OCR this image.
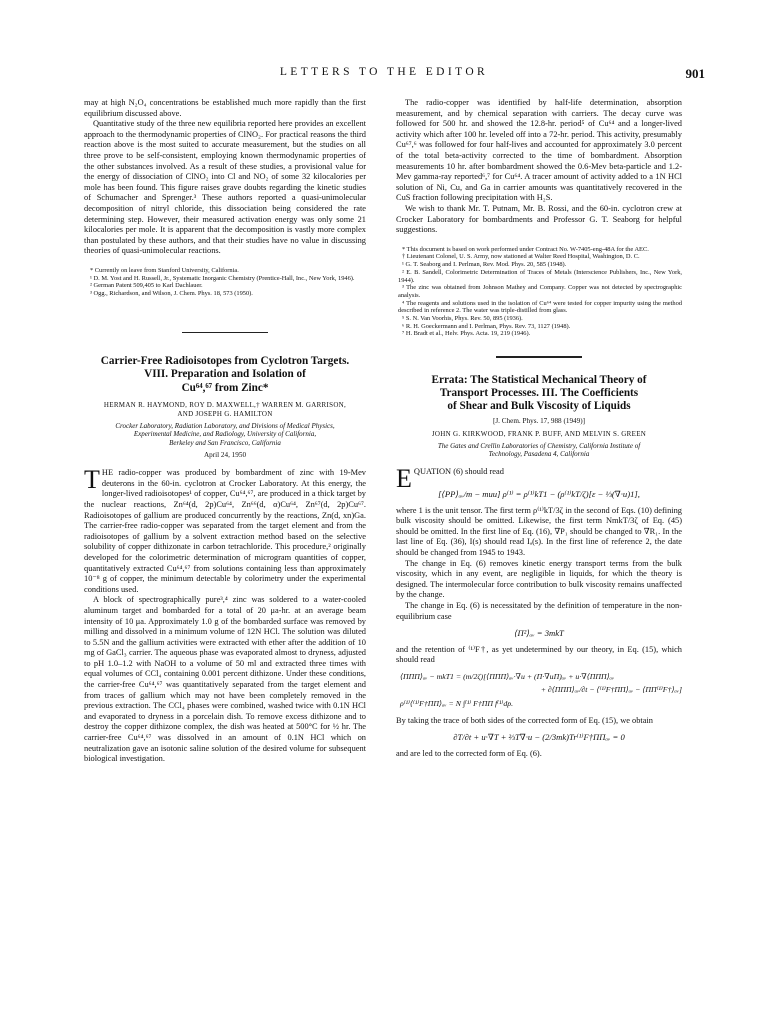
LETTERS TO THE EDITOR	901

may at high N₂O₄ concentrations be established much more rapidly than the first equilibrium discussed above.

Quantitative study of the three new equilibria reported here provides an excellent approach to the thermodynamic properties of ClNO₂. For practical reasons the third reaction above is the most suited to accurate measurement, but the studies on all three prove to be self-consistent, employing known thermodynamic properties of the other substances involved. As a result of these studies, a provisional value for the energy of dissociation of ClNO₂ into Cl and NO₂ of some 32 kilocalories per mole has been found. This figure raises grave doubts regarding the kinetic studies of Schumacher and Sprenger.³ These authors reported a quasi-unimolecular decomposition of nitryl chloride, this dissociation being considered the rate determining step. However, their measured activation energy was only some 21 kilocalories per mole. It is apparent that the decomposition is vastly more complex than postulated by these authors, and that their studies have no value in discussing theories of quasi-unimolecular reactions.

* Currently on leave from Stanford University, California.

¹ D. M. Yost and H. Russell, Jr., Systematic Inorganic Chemistry (Prentice-Hall, Inc., New York, 1946).

² German Patent 509,405 to Karl Dachlauer.

³ Ogg., Richardson, and Wilson, J. Chem. Phys. 18, 573 (1950).

Carrier-Free Radioisotopes from Cyclotron Targets.
VIII. Preparation and Isolation of
Cu⁶⁴,⁶⁷ from Zinc*
HERMAN R. HAYMOND, ROY D. MAXWELL,† WARREN M. GARRISON,
AND JOSEPH G. HAMILTON
Crocker Laboratory, Radiation Laboratory, and Divisions of Medical Physics,
Experimental Medicine, and Radiology, University of California,
Berkeley and San Francisco, California
April 24, 1950

THE radio-copper was produced by bombardment of zinc with 19-Mev deuterons in the 60-in. cyclotron at Crocker Laboratory. At this energy, the longer-lived radioisotopes¹ of copper, Cu⁶⁴,⁶⁷, are produced in a thick target by the nuclear reactions, Zn⁶⁴(d, 2p)Cu⁶⁴, Zn⁶⁶(d, α)Cu⁶⁴, Zn⁶⁷(d, 2p)Cu⁶⁷. Radioisotopes of gallium are produced concurrently by the reactions, Zn(d, xn)Ga. The carrier-free radio-copper was separated from the target element and from the radioisotopes of gallium by a solvent extraction method based on the selective solubility of copper dithizonate in carbon tetrachloride. This procedure,² originally developed for the colorimetric determination of microgram quantities of copper, quantitatively extracted Cu⁶⁴,⁶⁷ from solutions containing less than approximately 10⁻⁸ g of copper, the minimum detectable by colorimetry under the experimental conditions used.

A block of spectrographically pure³,⁴ zinc was soldered to a water-cooled aluminum target and bombarded for a total of 20 μa-hr. at an average beam intensity of 10 μa. Approximately 1.0 g of the bombarded surface was removed by milling and dissolved in a minimum volume of 12N HCl. The solution was diluted to 5.5N and the gallium activities were extracted with ether after the addition of 10 mg of GaCl₃ carrier. The aqueous phase was evaporated almost to dryness, adjusted to pH 1.0–1.2 with NaOH to a volume of 50 ml and extracted three times with equal volumes of CCl₄ containing 0.001 percent dithizone. Under these conditions, the carrier-free Cu⁶⁴,⁶⁷ was quantitatively separated from the target element and from traces of gallium which may not have been completely removed in the previous extraction. The CCl₄ phases were combined, washed twice with 0.1N HCl and evaporated to dryness in a porcelain dish. To remove excess dithizone and to destroy the copper dithizone complex, the dish was heated at 500°C for ½ hr. The carrier-free Cu⁶⁴,⁶⁷ was dissolved in an amount of 0.1N HCl which on neutralization gave an isotonic saline solution of the desired volume for subsequent biological investigation.

The radio-copper was identified by half-life determination, absorption measurement, and by chemical separation with carriers. The decay curve was followed for 500 hr. and showed the 12.8-hr. period⁵ of Cu⁶⁴ and a longer-lived activity which after 100 hr. leveled off into a 72-hr. period. This activity, presumably Cu⁶⁷,⁶ was followed for four half-lives and accounted for approximately 3.0 percent of the total beta-activity corrected to the time of bombardment. Absorption measurements 10 hr. after bombardment showed the 0.6-Mev beta-particle and 1.2-Mev gamma-ray reported⁶,⁷ for Cu⁶⁴. A tracer amount of activity added to a 1N HCl solution of Ni, Cu, and Ga in carrier amounts was quantitatively recovered in the CuS fraction following precipitation with H₂S.

We wish to thank Mr. T. Putnam, Mr. B. Rossi, and the 60-in. cyclotron crew at Crocker Laboratory for bombardments and Professor G. T. Seaborg for helpful suggestions.

* This document is based on work performed under Contract No. W-7405-eng-48A for the AEC.

† Lieutenant Colonel, U. S. Army, now stationed at Walter Reed Hospital, Washington, D. C.

¹ G. T. Seaborg and I. Perlman, Rev. Mod. Phys. 20, 585 (1948).

² E. B. Sandell, Colorimetric Determination of Traces of Metals (Interscience Publishers, Inc., New York, 1944).

³ The zinc was obtained from Johnson Mathey and Company. Copper was not detected by spectrographic analysis.

⁴ The reagents and solutions used in the isolation of Cu⁶⁴ were tested for copper impurity using the method described in reference 2. The water was triple-distilled from glass.

⁵ S. N. Van Voorhis, Phys. Rev. 50, 895 (1936).

⁶ R. H. Goeckermann and I. Perlman, Phys. Rev. 73, 1127 (1948).

⁷ H. Bradt et al., Helv. Phys. Acta. 19, 219 (1946).

Errata: The Statistical Mechanical Theory of
Transport Processes. III. The Coefficients
of Shear and Bulk Viscosity of Liquids
[J. Chem. Phys. 17, 988 (1949)]
JOHN G. KIRKWOOD, FRANK P. BUFF, AND MELVIN S. GREEN
The Gates and Crellin Laboratories of Chemistry, California Institute of
Technology, Pasadena 4, California

EQUATION (6) should read

[⟨PP⟩ₐᵥ/m − muu] ρ⁽¹⁾ = ρ⁽¹⁾kT1 − (ρ⁽¹⁾kT/ζ)[ε − ⅓(∇·u)1],

where 1 is the unit tensor. The first term ρ⁽¹⁾kT/3ζ in the second of Eqs. (10) defining bulk viscosity should be omitted. Likewise, the first term NmkT/3ζ of Eq. (45) should be omitted. In the first line of Eq. (16), ∇P₁ should be changed to ∇R₁. In the last line of Eq. (36), I(s) should read Iₐ(s). In the first line of reference 2, the date should be changed from 1945 to 1943.

The change in Eq. (6) removes kinetic energy transport terms from the bulk viscosity, which in any event, are negligible in liquids, for which the theory is designed. The intermolecular force contribution to bulk viscosity remains unaffected by the change.

The change in Eq. (6) is necessitated by the definition of temperature in the non-equilibrium case

⟨Π²⟩ₐᵥ = 3mkT

and the retention of ⁽¹⁾F†, as yet undetermined by our theory, in Eq. (15), which should read

⟨ΠΠΠ⟩ₐᵥ − mkT1 = (m/2ζ)[⟨ΠΠΠ⟩ₐᵥ·∇u + (Π·∇uΠ)ₐᵥ + u·∇⟨ΠΠΠ⟩ₐᵥ
+ ∂⟨ΠΠΠ⟩ₐᵥ/∂t − ⟨⁽¹⁾F†ΠΠ⟩ₐᵥ − ⟨ΠΠ⁽¹⁾F†⟩ₐᵥ]
ρ⁽¹⁾⟨⁽¹⁾F†ΠΠ⟩ₐᵥ = N ∫⁽¹⁾ F†ΠΠ f⁽¹⁾dp.

By taking the trace of both sides of the corrected form of Eq. (15), we obtain

∂T/∂t + u·∇T + ⅔T∇·u − (2/3mk)Tr⁽¹⁾F†ΠΠₐᵥ = 0

and are led to the corrected form of Eq. (6).
